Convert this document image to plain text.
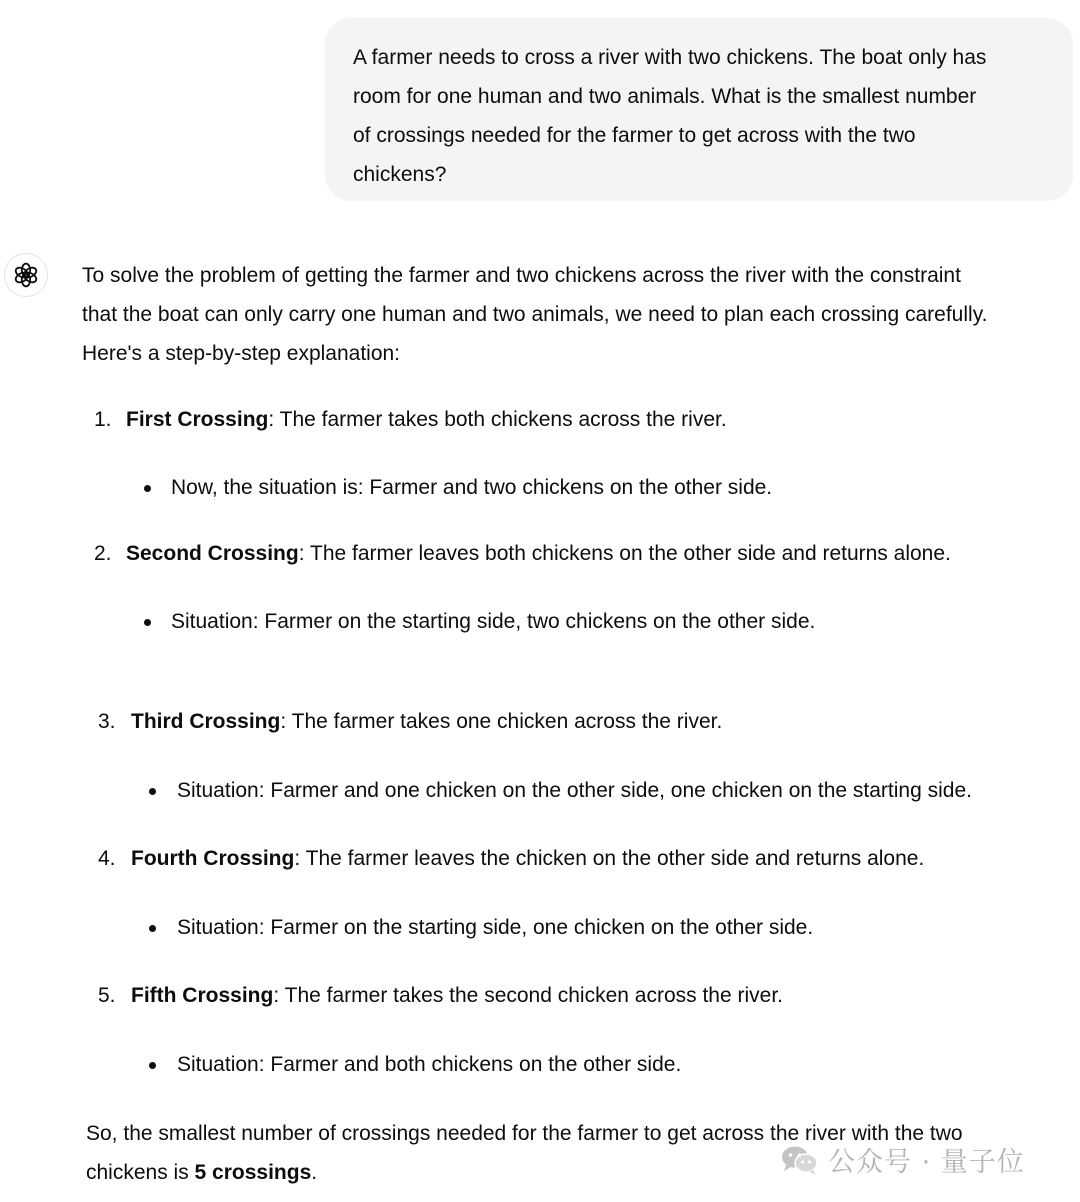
A farmer needs to cross a river with two chickens. The boat only has

room for one human and two animals. What is the smallest number

of crossings needed for the farmer to get across with the two

chickens?

To solve the problem of getting the farmer and two chickens across the river with the constraint

that the boat can only carry one human and two animals, we need to plan each crossing carefully.

Here's a step-by-step explanation:

1. First Crossing: The farmer takes both chickens across the river.
Now, the situation is: Farmer and two chickens on the other side.
2. Second Crossing: The farmer leaves both chickens on the other side and returns alone.
Situation: Farmer on the starting side, two chickens on the other side.
3. Third Crossing: The farmer takes one chicken across the river.
Situation: Farmer and one chicken on the other side, one chicken on the starting side.
4. Fourth Crossing: The farmer leaves the chicken on the other side and returns alone.
Situation: Farmer on the starting side, one chicken on the other side.
5. Fifth Crossing: The farmer takes the second chicken across the river.
Situation: Farmer and both chickens on the other side.
So, the smallest number of crossings needed for the farmer to get across the river with the two
chickens is 5 crossings.	公众号 · 量子位
